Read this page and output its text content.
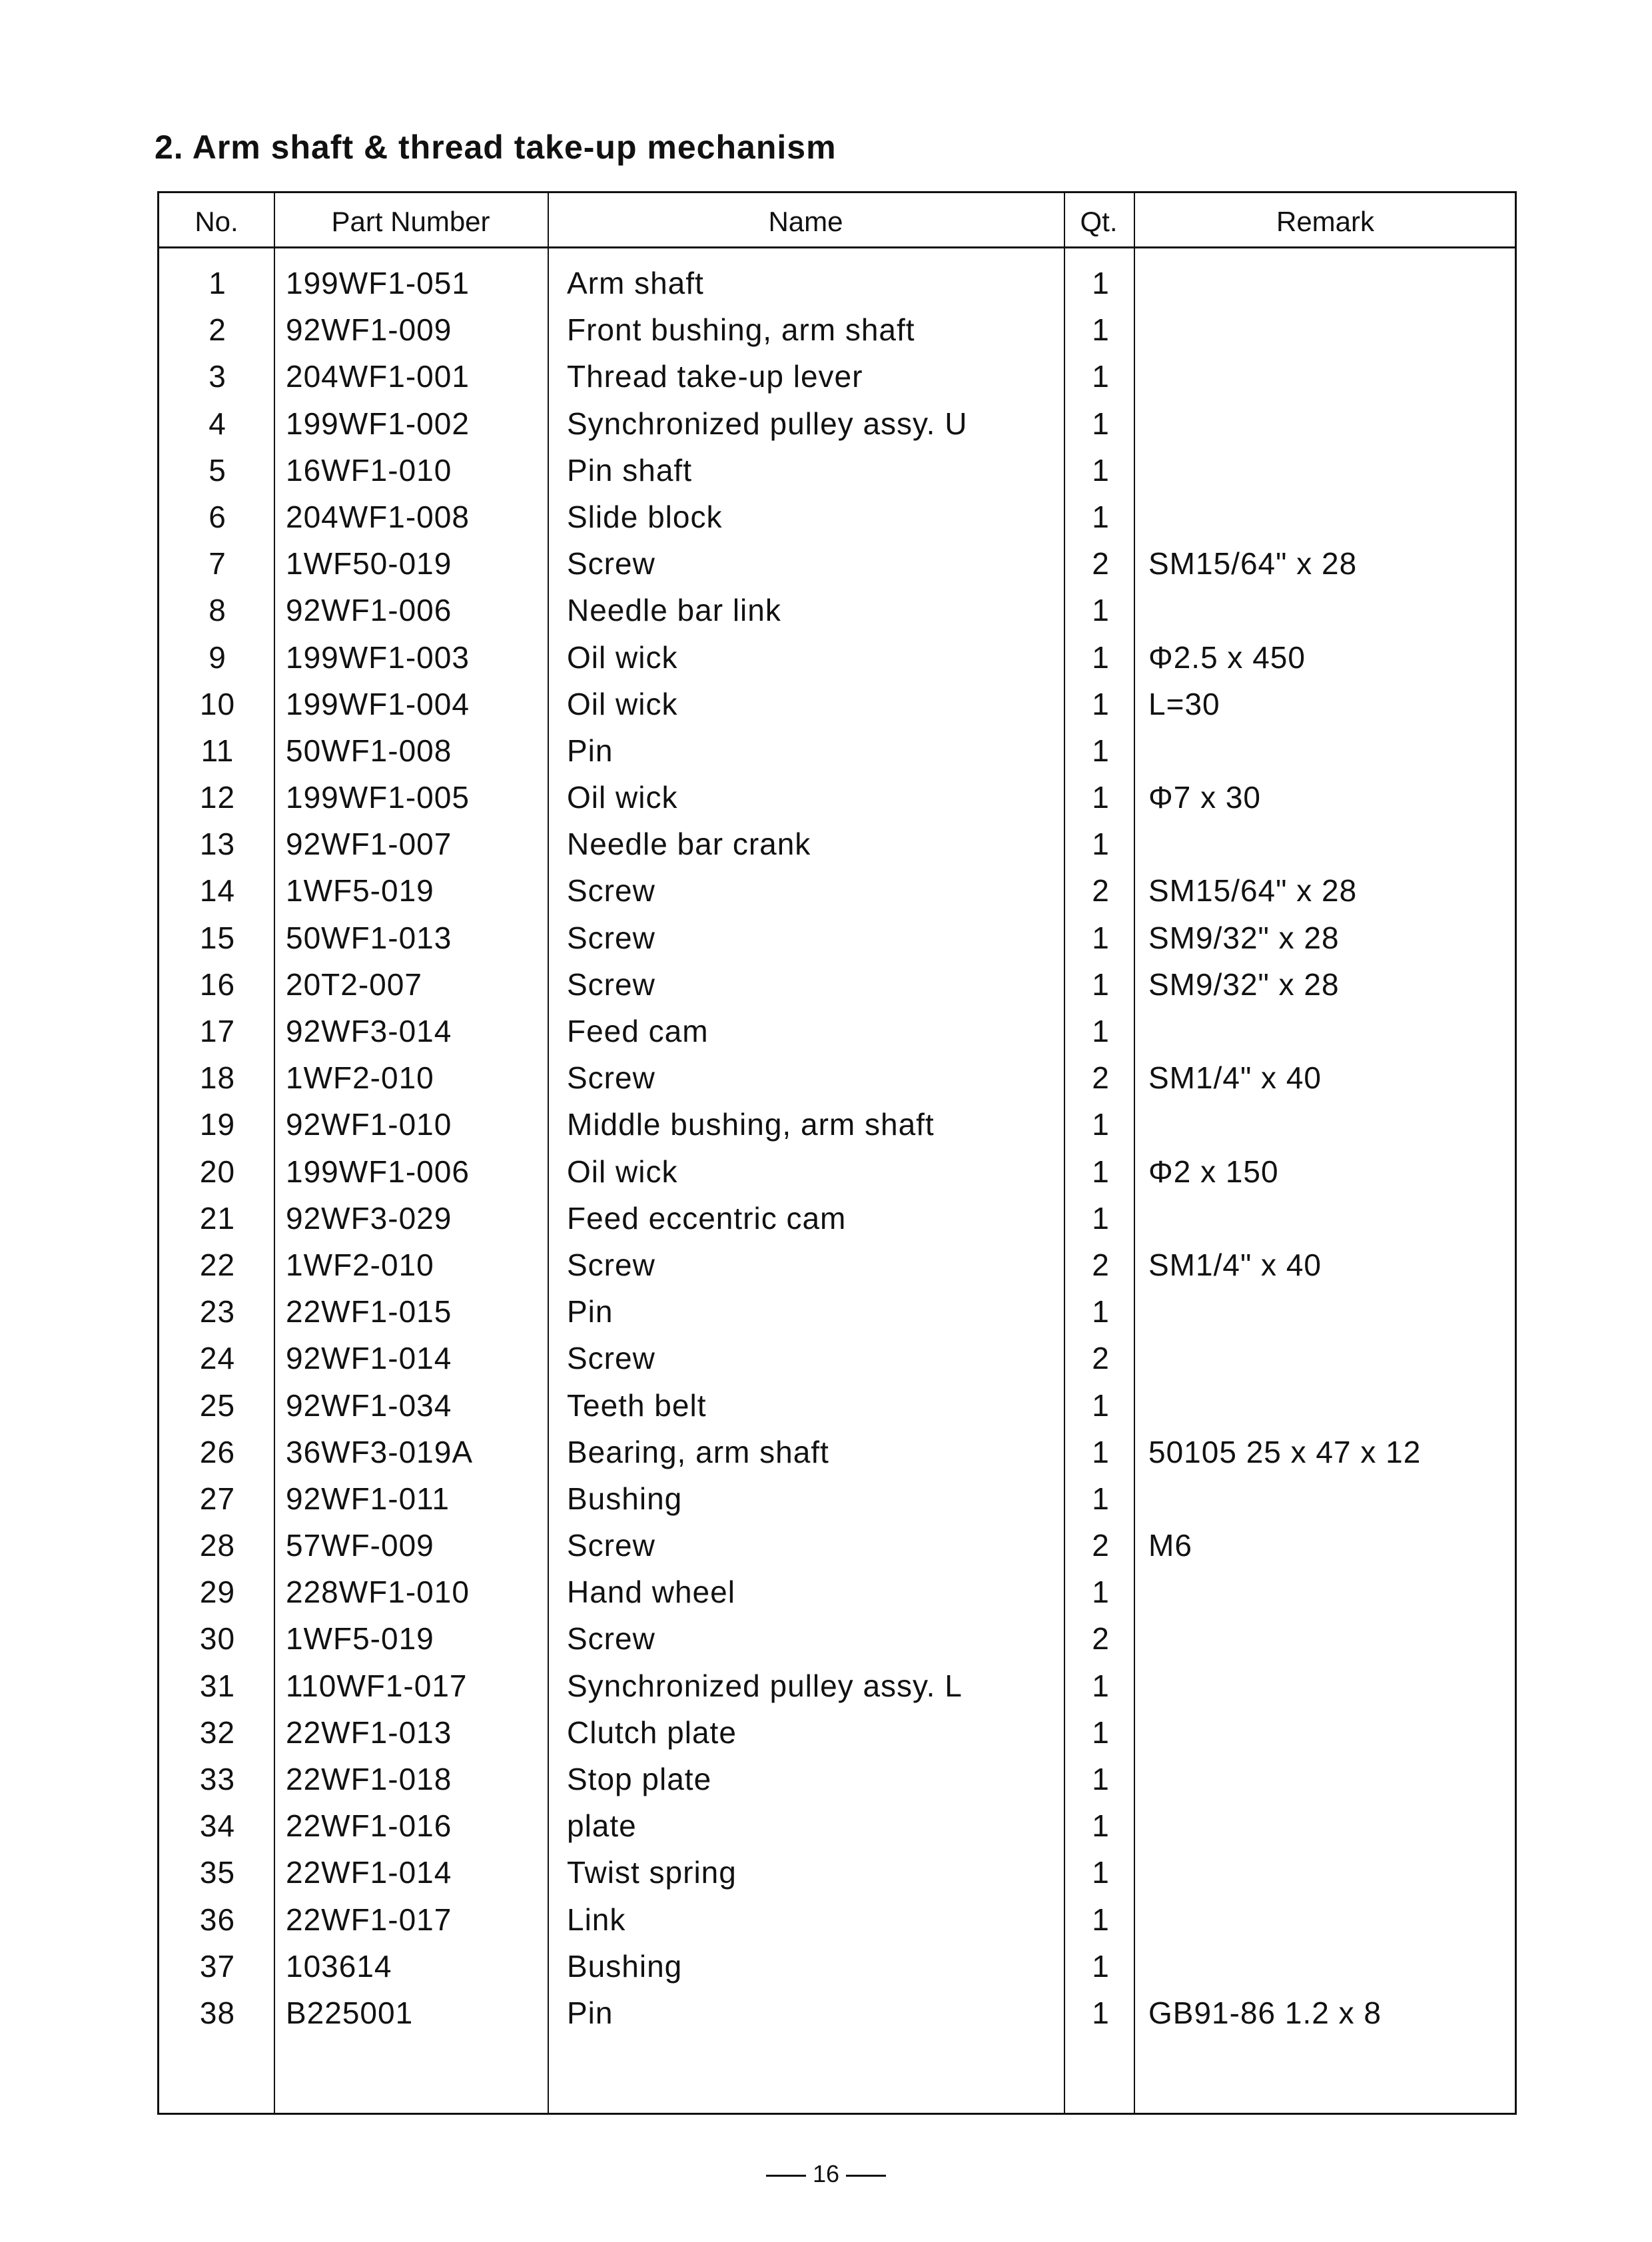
2. Arm shaft & thread take-up mechanism
No.	Part Number	Name	Qt.	Remark
1	199WF1-051	Arm shaft	1
2	92WF1-009	Front bushing, arm shaft	1
3	204WF1-001	Thread take-up lever	1
4	199WF1-002	Synchronized pulley assy. U	1
5	16WF1-010	Pin shaft	1
6	204WF1-008	Slide block	1
7	1WF50-019	Screw	2	SM15/64" x 28
8	92WF1-006	Needle bar link	1
9	199WF1-003	Oil wick	1	Φ2.5 x 450
10	199WF1-004	Oil wick	1	L=30
11	50WF1-008	Pin	1
12	199WF1-005	Oil wick	1	Φ7 x 30
13	92WF1-007	Needle bar crank	1
14	1WF5-019	Screw	2	SM15/64" x 28
15	50WF1-013	Screw	1	SM9/32" x 28
16	20T2-007	Screw	1	SM9/32" x 28
17	92WF3-014	Feed cam	1
18	1WF2-010	Screw	2	SM1/4" x 40
19	92WF1-010	Middle bushing, arm shaft	1
20	199WF1-006	Oil wick	1	Φ2 x 150
21	92WF3-029	Feed eccentric cam	1
22	1WF2-010	Screw	2	SM1/4" x 40
23	22WF1-015	Pin	1
24	92WF1-014	Screw	2
25	92WF1-034	Teeth belt	1
26	36WF3-019A	Bearing, arm shaft	1	50105 25 x 47 x 12
27	92WF1-011	Bushing	1
28	57WF-009	Screw	2	M6
29	228WF1-010	Hand wheel	1
30	1WF5-019	Screw	2
31	110WF1-017	Synchronized pulley assy. L	1
32	22WF1-013	Clutch plate	1
33	22WF1-018	Stop plate	1
34	22WF1-016	plate	1
35	22WF1-014	Twist spring	1
36	22WF1-017	Link	1
37	103614	Bushing	1
38	B225001	Pin	1	GB91-86 1.2 x 8
16
